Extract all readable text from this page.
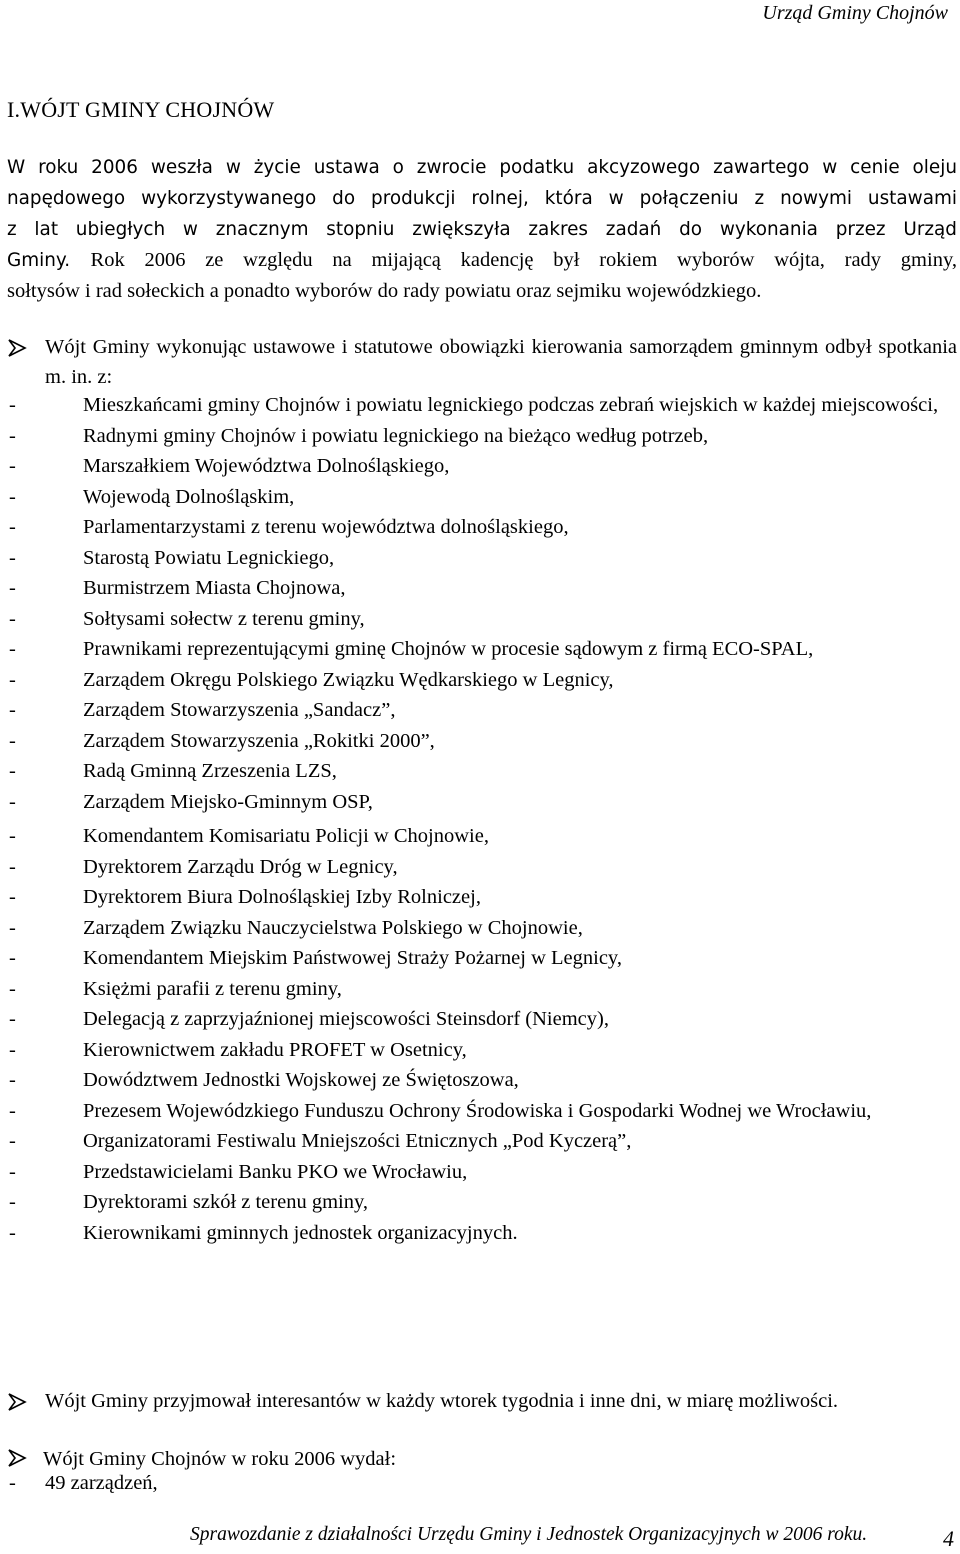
Urząd Gminy Chojnów
I.WÓJT GMINY CHOJNÓW

W roku 2006 weszła w życie ustawa o zwrocie podatku akcyzowego zawartego w cenie oleju

napędowego wykorzystywanego do produkcji rolnej, która w połączeniu z nowymi ustawami

z lat ubiegłych w znacznym stopniu zwiększyła zakres zadań do wykonania przez Urząd

Gminy. Rok 2006 ze względu na mijającą kadencję był rokiem wyborów wójta, rady gminy,

sołtysów i rad sołeckich a ponadto wyborów do rady powiatu oraz sejmiku wojewódzkiego.

Wójt Gminy wykonując ustawowe i statutowe obowiązki kierowania samorządem gminnym odbył spotkania m. in. z:
-	Mieszkańcami gminy Chojnów i powiatu legnickiego podczas zebrań wiejskich w każdej miejscowości,
-	Radnymi gminy Chojnów i powiatu legnickiego na bieżąco według potrzeb,
-	Marszałkiem Województwa Dolnośląskiego,
-	Wojewodą Dolnośląskim,
-	Parlamentarzystami z terenu województwa dolnośląskiego,
-	Starostą Powiatu Legnickiego,
-	Burmistrzem Miasta Chojnowa,
-	Sołtysami sołectw z terenu gminy,
-	Prawnikami reprezentującymi gminę Chojnów w procesie sądowym z firmą ECO-SPAL,
-	Zarządem Okręgu Polskiego Związku Wędkarskiego w Legnicy,
-	Zarządem Stowarzyszenia „Sandacz”,
-	Zarządem Stowarzyszenia „Rokitki 2000”,
-	Radą Gminną Zrzeszenia LZS,
-	Zarządem Miejsko-Gminnym OSP,
-	Komendantem Komisariatu Policji w Chojnowie,
-	Dyrektorem Zarządu Dróg w Legnicy,
-	Dyrektorem Biura Dolnośląskiej Izby Rolniczej,
-	Zarządem Związku Nauczycielstwa Polskiego w Chojnowie,
-	Komendantem Miejskim Państwowej Straży Pożarnej w Legnicy,
-	Księżmi parafii z terenu gminy,
-	Delegacją z zaprzyjaźnionej miejscowości Steinsdorf (Niemcy),
-	Kierownictwem zakładu PROFET w Osetnicy,
-	Dowództwem Jednostki Wojskowej ze Świętoszowa,
-	Prezesem Wojewódzkiego Funduszu Ochrony Środowiska i Gospodarki Wodnej we Wrocławiu,
-	Organizatorami Festiwalu Mniejszości Etnicznych „Pod Kyczerą”,
-	Przedstawicielami Banku PKO we Wrocławiu,
-	Dyrektorami szkół z terenu gminy,
-	Kierownikami gminnych jednostek organizacyjnych.
Wójt Gminy przyjmował interesantów w każdy wtorek tygodnia i inne dni, w miarę możliwości.
Wójt Gminy Chojnów w roku 2006 wydał:
- 49 zarządzeń,
Sprawozdanie z działalności Urzędu Gminy i Jednostek Organizacyjnych w 2006 roku.	4
